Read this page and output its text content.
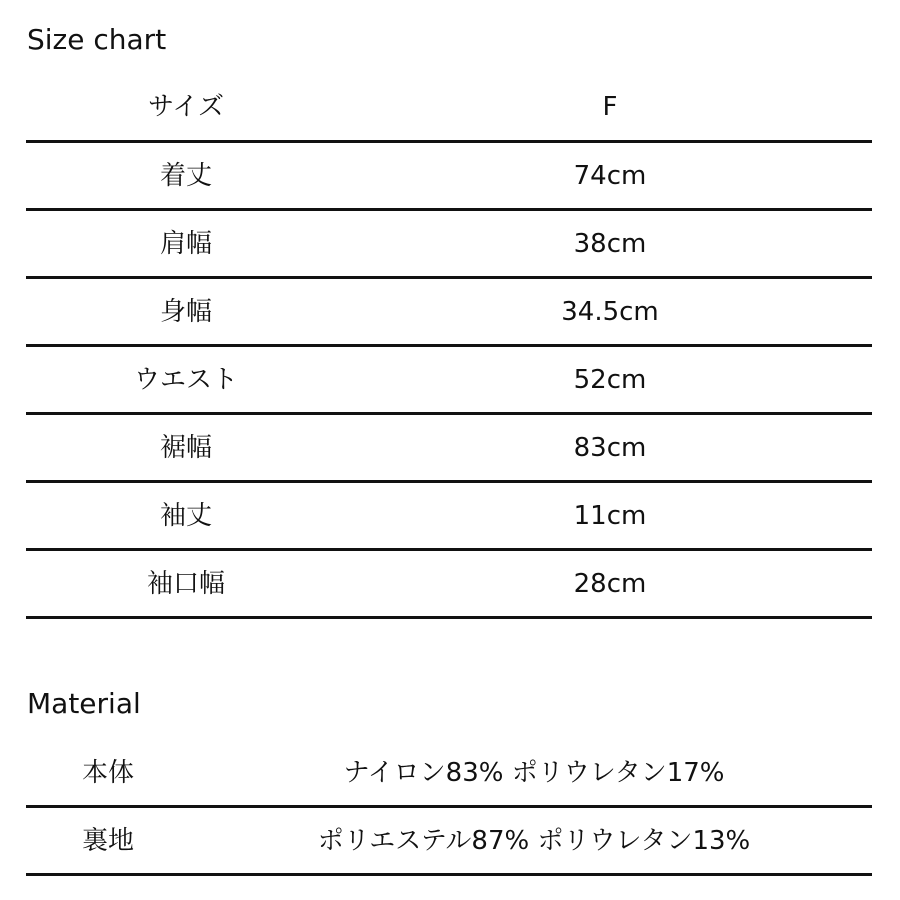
Size chart
サイズ	F
着丈	74cm
肩幅	38cm
身幅	34.5cm
ウエスト	52cm
裾幅	83cm
袖丈	11cm
袖口幅	28cm
Material
本体	ナイロン83% ポリウレタン17%
裏地	ポリエステル87% ポリウレタン13%
